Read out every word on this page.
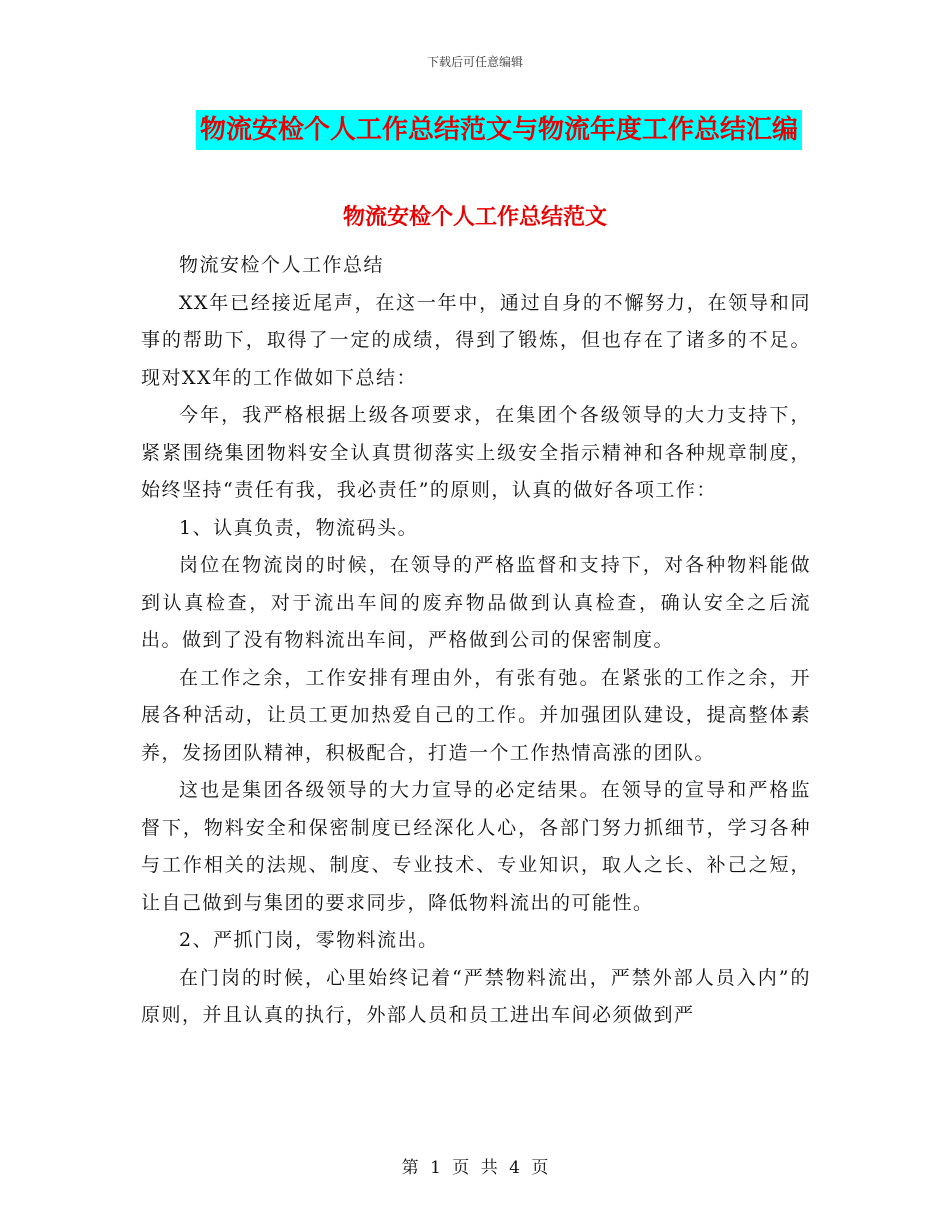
下载后可任意编辑
物流安检个人工作总结范文与物流年度工作总结汇编
物流安检个人工作总结范文

物流安检个人工作总结

XX年已经接近尾声，在这一年中，通过自身的不懈努力，在领导和同事的帮助下，取得了一定的成绩，得到了锻炼，但也存在了诸多的不足。现对XX年的工作做如下总结：

今年，我严格根据上级各项要求，在集团个各级领导的大力支持下，紧紧围绕集团物料安全认真贯彻落实上级安全指示精神和各种规章制度，始终坚持“责任有我，我必责任”的原则，认真的做好各项工作：

1、认真负责，物流码头。

岗位在物流岗的时候，在领导的严格监督和支持下，对各种物料能做到认真检查，对于流出车间的废弃物品做到认真检查，确认安全之后流出。做到了没有物料流出车间，严格做到公司的保密制度。

在工作之余，工作安排有理由外，有张有弛。在紧张的工作之余，开展各种活动，让员工更加热爱自己的工作。并加强团队建设，提高整体素养，发扬团队精神，积极配合，打造一个工作热情高涨的团队。

这也是集团各级领导的大力宣导的必定结果。在领导的宣导和严格监督下，物料安全和保密制度已经深化人心，各部门努力抓细节，学习各种与工作相关的法规、制度、专业技术、专业知识，取人之长、补己之短，让自己做到与集团的要求同步，降低物料流出的可能性。

2、严抓门岗，零物料流出。

在门岗的时候，心里始终记着“严禁物料流出，严禁外部人员入内”的原则，并且认真的执行，外部人员和员工进出车间必须做到严

第 1 页 共 4 页
